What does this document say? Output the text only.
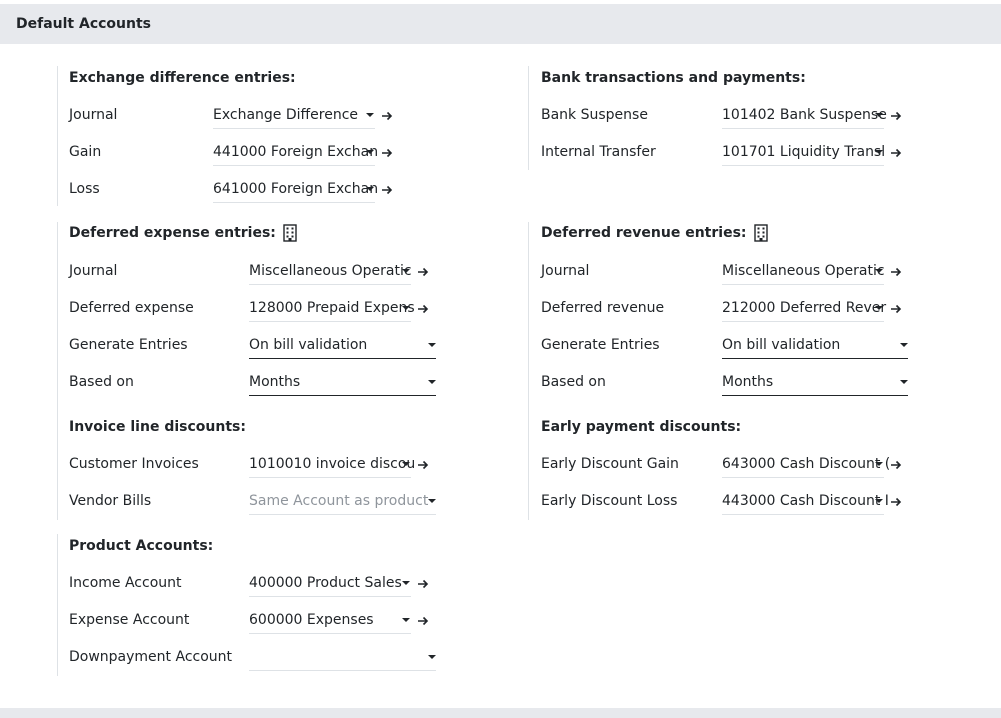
Default Accounts
Exchange difference entries:
Journal	Exchange Difference
Gain	441000 Foreign Exchan
Loss	641000 Foreign Exchan
Bank transactions and payments:
Bank Suspense	101402 Bank Suspense
Internal Transfer	101701 Liquidity Transl
Deferred expense entries:
Journal	Miscellaneous Operatic
Deferred expense	128000 Prepaid Expens
Generate Entries	On bill validation
Based on	Months
Deferred revenue entries:
Journal	Miscellaneous Operatic
Deferred revenue	212000 Deferred Rever
Generate Entries	On bill validation
Based on	Months
Invoice line discounts:
Customer Invoices	1010010 invoice discou
Vendor Bills	Same Account as product
Early payment discounts:
Early Discount Gain	643000 Cash Discount (
Early Discount Loss	443000 Cash Discount I
Product Accounts:
Income Account	400000 Product Sales
Expense Account	600000 Expenses
Downpayment Account
